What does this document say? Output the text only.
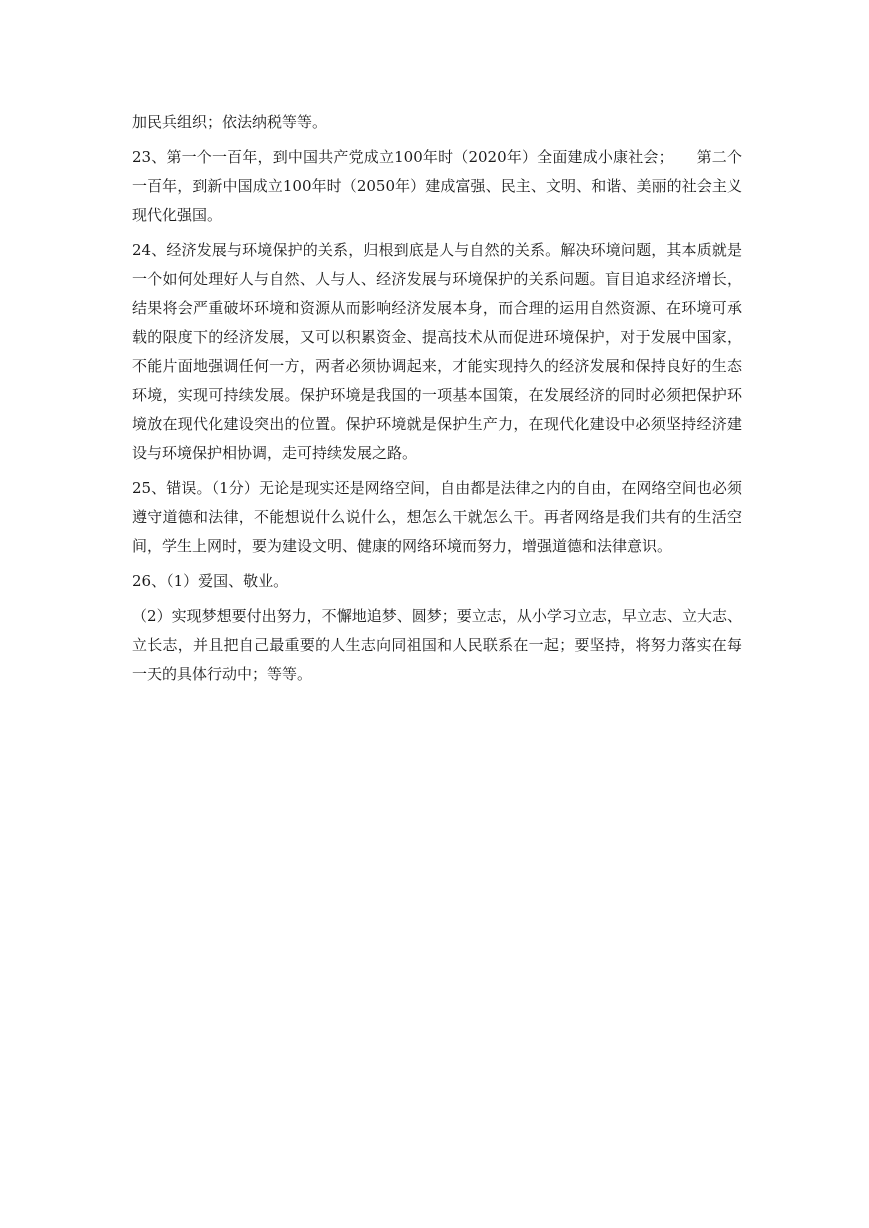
加民兵组织；依法纳税等等。

23、第一个一百年，到中国共产党成立100年时（2020年）全面建成小康社会；　　第二个一百年，到新中国成立100年时（2050年）建成富强、民主、文明、和谐、美丽的社会主义现代化强国。

24、经济发展与环境保护的关系，归根到底是人与自然的关系。解决环境问题，其本质就是一个如何处理好人与自然、人与人、经济发展与环境保护的关系问题。盲目追求经济增长，结果将会严重破坏环境和资源从而影响经济发展本身，而合理的运用自然资源、在环境可承载的限度下的经济发展，又可以积累资金、提高技术从而促进环境保护，对于发展中国家，不能片面地强调任何一方，两者必须协调起来，才能实现持久的经济发展和保持良好的生态环境，实现可持续发展。保护环境是我国的一项基本国策，在发展经济的同时必须把保护环境放在现代化建设突出的位置。保护环境就是保护生产力，在现代化建设中必须坚持经济建设与环境保护相协调，走可持续发展之路。

25、错误。（1分）无论是现实还是网络空间，自由都是法律之内的自由，在网络空间也必须遵守道德和法律，不能想说什么说什么，想怎么干就怎么干。再者网络是我们共有的生活空间，学生上网时，要为建设文明、健康的网络环境而努力，增强道德和法律意识。

26、（1）爱国、敬业。

（2）实现梦想要付出努力，不懈地追梦、圆梦；要立志，从小学习立志，早立志、立大志、立长志，并且把自己最重要的人生志向同祖国和人民联系在一起；要坚持，将努力落实在每一天的具体行动中；等等。
